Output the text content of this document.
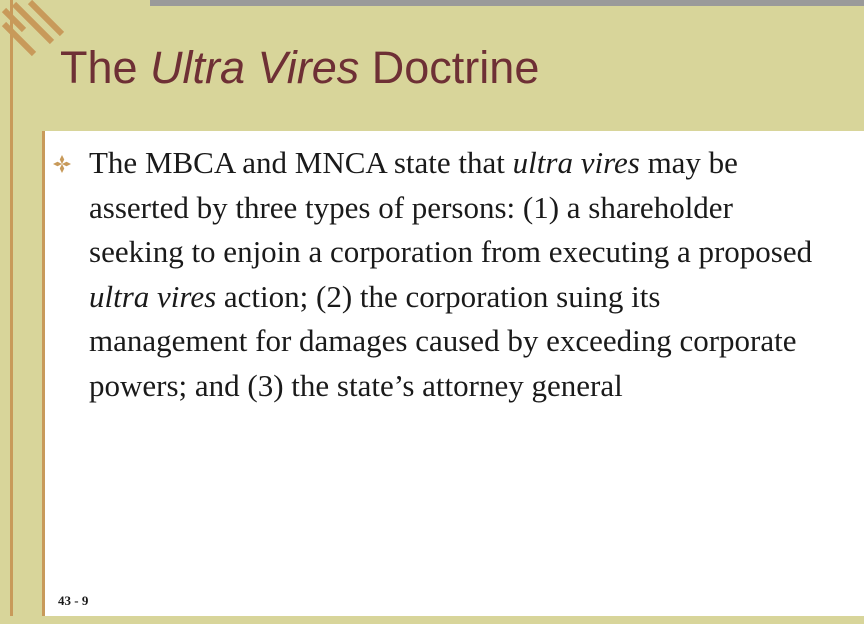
The Ultra Vires Doctrine

The MBCA and MNCA state that ultra vires may be asserted by three types of persons: (1) a shareholder seeking to enjoin a corporation from executing a proposed ultra vires action; (2) the corporation suing its management for damages caused by exceeding corporate powers; and (3) the state’s attorney general

43 - 9
